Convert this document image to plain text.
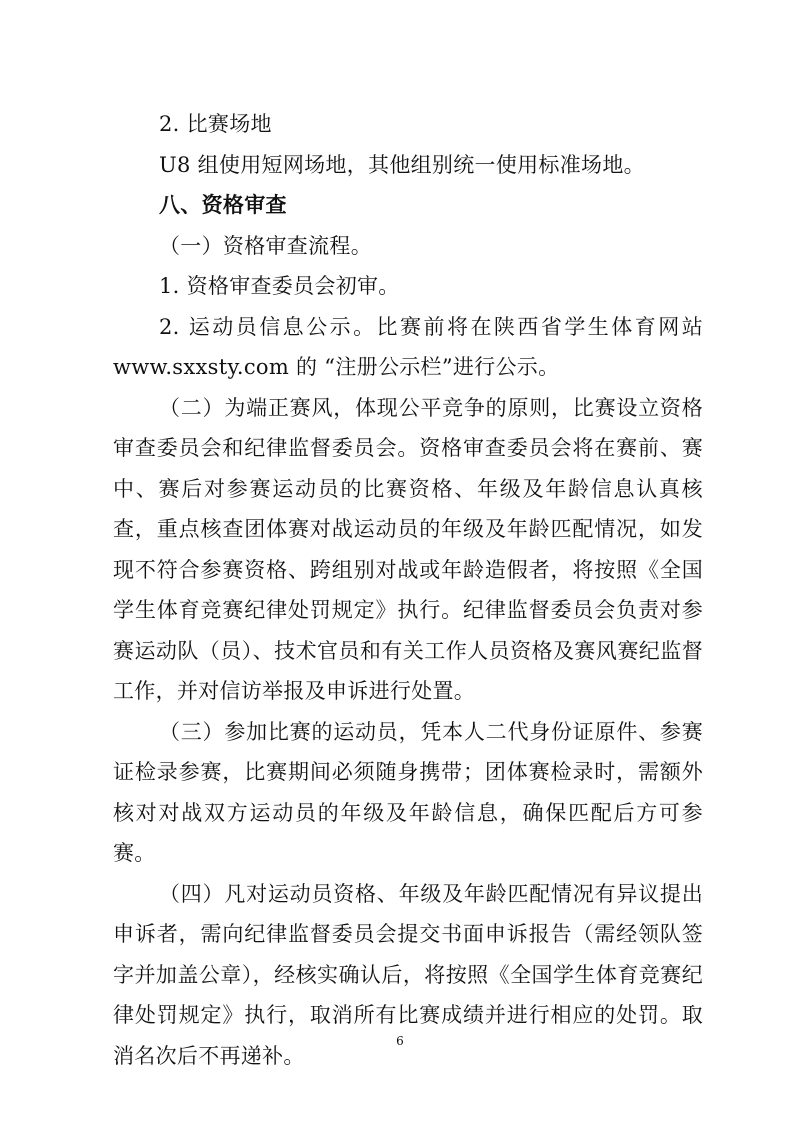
2. 比赛场地

U8 组使用短网场地，其他组别统一使用标准场地。

八、资格审查

（一）资格审查流程。

1. 资格审查委员会初审。

2. 运动员信息公示。比赛前将在陕西省学生体育网站 www.sxxsty.com 的 “注册公示栏”进行公示。

（二）为端正赛风，体现公平竞争的原则，比赛设立资格审查委员会和纪律监督委员会。资格审查委员会将在赛前、赛中、赛后对参赛运动员的比赛资格、年级及年龄信息认真核查，重点核查团体赛对战运动员的年级及年龄匹配情况，如发现不符合参赛资格、跨组别对战或年龄造假者，将按照《全国学生体育竞赛纪律处罚规定》执行。纪律监督委员会负责对参赛运动队（员）、技术官员和有关工作人员资格及赛风赛纪监督工作，并对信访举报及申诉进行处置。

（三）参加比赛的运动员，凭本人二代身份证原件、参赛证检录参赛，比赛期间必须随身携带；团体赛检录时，需额外核对对战双方运动员的年级及年龄信息，确保匹配后方可参赛。

（四）凡对运动员资格、年级及年龄匹配情况有异议提出申诉者，需向纪律监督委员会提交书面申诉报告（需经领队签字并加盖公章），经核实确认后，将按照《全国学生体育竞赛纪律处罚规定》执行，取消所有比赛成绩并进行相应的处罚。取消名次后不再递补。

6
